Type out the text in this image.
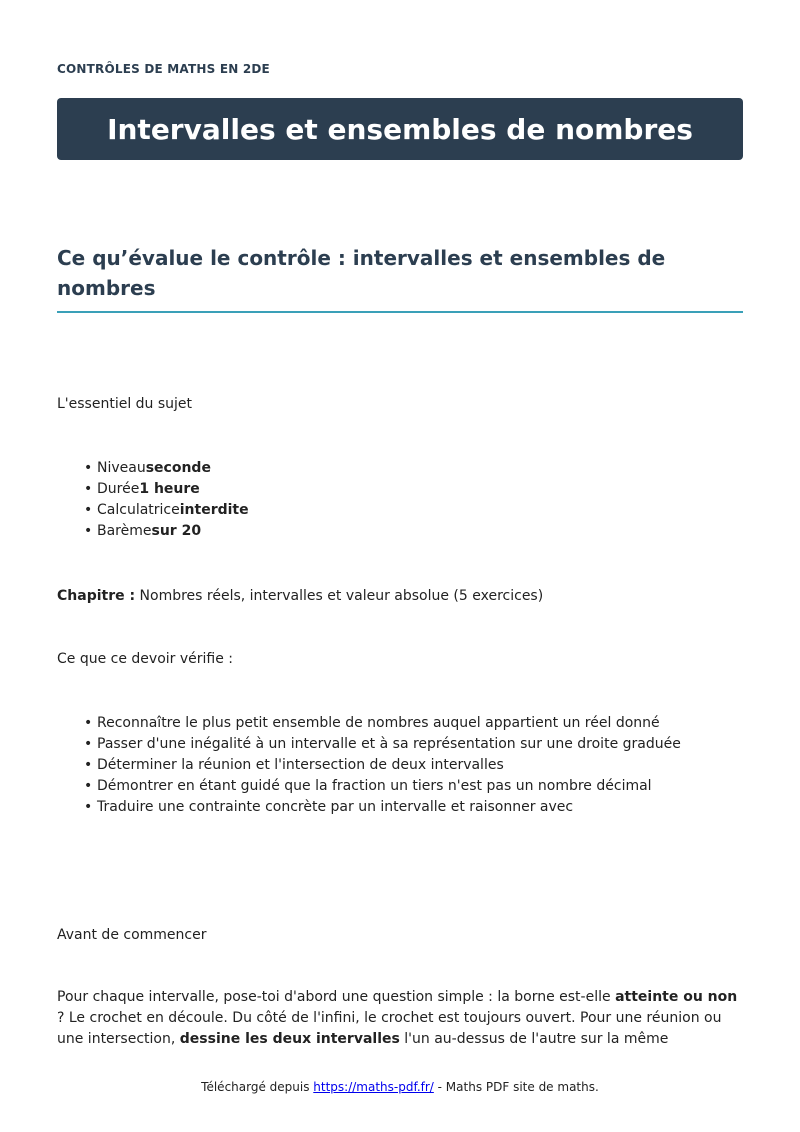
CONTRÔLES DE MATHS EN 2DE
Intervalles et ensembles de nombres
Ce qu’évalue le contrôle : intervalles et ensembles de nombres
L'essentiel du sujet
• Niveauseconde
• Durée1 heure
• Calculatriceinterdite
• Barèmesur 20
Chapitre : Nombres réels, intervalles et valeur absolue (5 exercices)
Ce que ce devoir vérifie :
• Reconnaître le plus petit ensemble de nombres auquel appartient un réel donné
• Passer d'une inégalité à un intervalle et à sa représentation sur une droite graduée
• Déterminer la réunion et l'intersection de deux intervalles
• Démontrer en étant guidé que la fraction un tiers n'est pas un nombre décimal
• Traduire une contrainte concrète par un intervalle et raisonner avec
Avant de commencer
Pour chaque intervalle, pose-toi d'abord une question simple : la borne est-elle atteinte ou non ? Le crochet en découle. Du côté de l'infini, le crochet est toujours ouvert. Pour une réunion ou une intersection, dessine les deux intervalles l'un au-dessus de l'autre sur la même
Téléchargé depuis https://maths-pdf.fr/ - Maths PDF site de maths.
